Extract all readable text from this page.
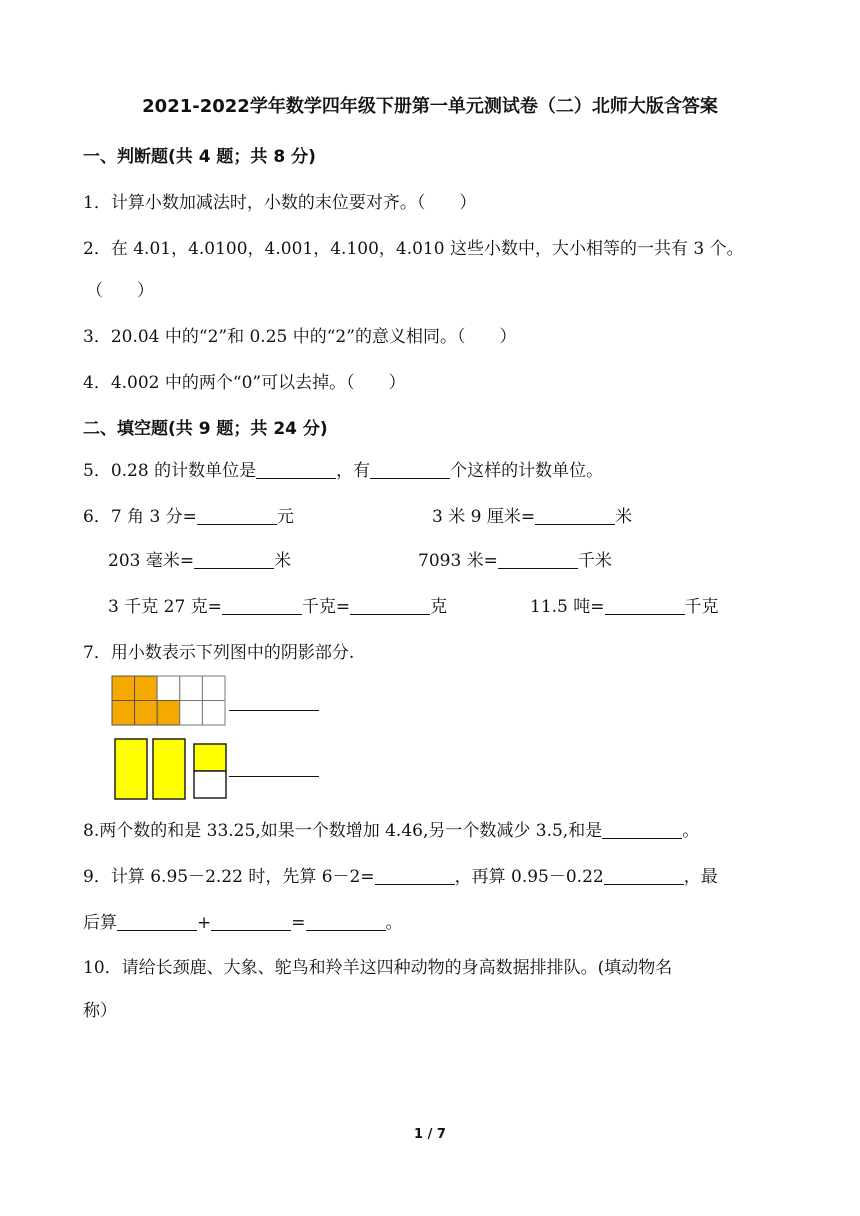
2021-2022学年数学四年级下册第一单元测试卷（二）北师大版含答案
一、判断题(共 4 题；共 8 分)
1．计算小数加减法时，小数的末位要对齐。（　　）
2．在 4.01，4.0100，4.001，4.100，4.010 这些小数中，大小相等的一共有 3 个。
（　　）
3．20.04 中的“2”和 0.25 中的“2”的意义相同。（　　）
4．4.002 中的两个“0”可以去掉。（　　）
二、填空题(共 9 题；共 24 分)
5．0.28 的计数单位是	，有	个这样的计数单位。
6．7 角 3 分=	元	3 米 9 厘米=	米
203 毫米=	米	7093 米=	千米
3 千克 27 克=	千克=	克	11.5 吨=	千克
7．用小数表示下列图中的阴影部分.
8.两个数的和是 33.25,如果一个数增加 4.46,另一个数减少 3.5,和是	。
9．计算 6.95－2.22 时，先算 6－2=	，再算 0.95－0.22	，最
后算	+	=	。
10．请给长颈鹿、大象、鸵鸟和羚羊这四种动物的身高数据排排队。(填动物名
称）
1 / 7
